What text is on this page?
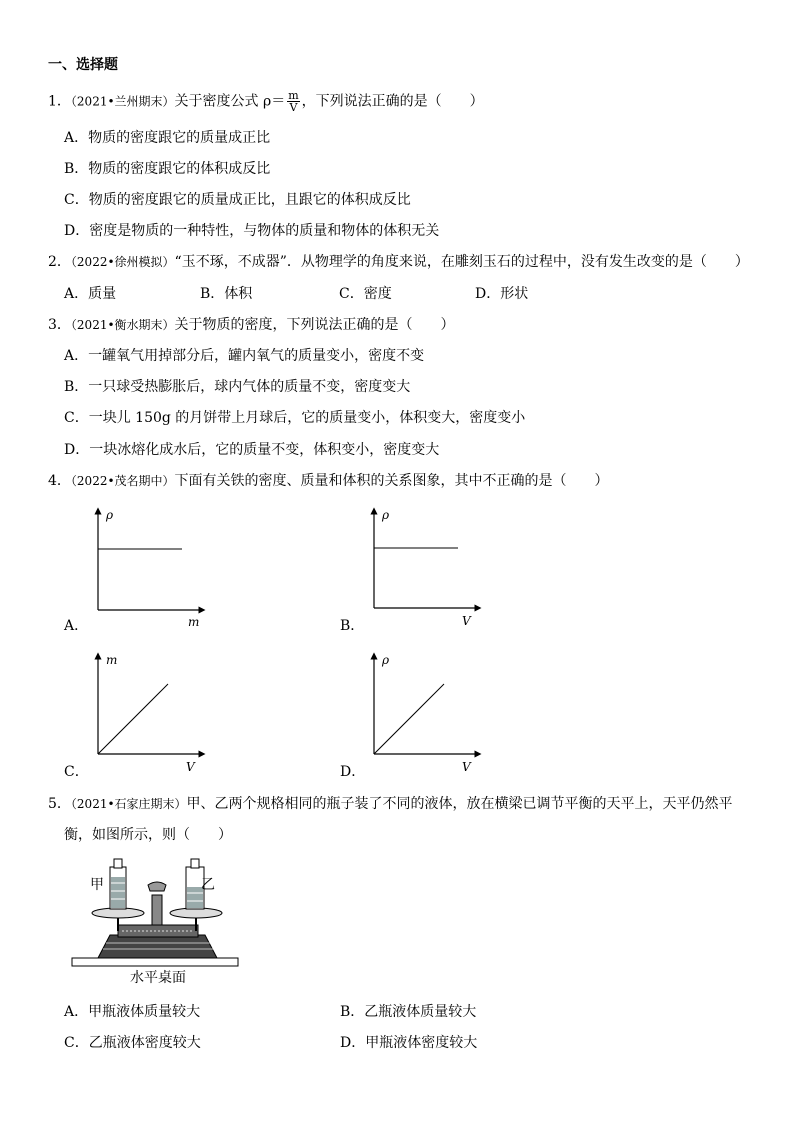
一、选择题
1．（2021•兰州期末）关于密度公式 $\rho= \frac{m}{V}$ ，下列说法正确的是（　　）
A．物质的密度跟它的质量成正比
B．物质的密度跟它的体积成反比
C．物质的密度跟它的质量成正比，且跟它的体积成反比
D．密度是物质的一种特性，与物体的质量和物体的体积无关
2．（2022•徐州模拟）“玉不琢，不成器”．从物理学的角度来说，在雕刻玉石的过程中，没有发生改变的是（　　）
A．质量	B．体积	C．密度	D．形状
3．（2021•衡水期末）关于物质的密度，下列说法正确的是（　　）
A．一罐氧气用掉部分后，罐内氧气的质量变小，密度不变
B．一只球受热膨胀后，球内气体的质量不变，密度变大
C．一块儿 150g 的月饼带上月球后，它的质量变小，体积变大，密度变小
D．一块冰熔化成水后，它的质量不变，体积变小，密度变大
4．（2022•茂名期中）下面有关铁的密度、质量和体积的关系图象，其中不正确的是（　　）
A．
ρ
m	B．
ρ
V
C．
m
V	D．
ρ
V
5．（2021•石家庄期末）甲、乙两个规格相同的瓶子装了不同的液体，放在横梁已调节平衡的天平上，天平仍然平
衡，如图所示，则（　　）
甲	乙
水平桌面
A．甲瓶液体质量较大	B．乙瓶液体质量较大
C．乙瓶液体密度较大	D．甲瓶液体密度较大
